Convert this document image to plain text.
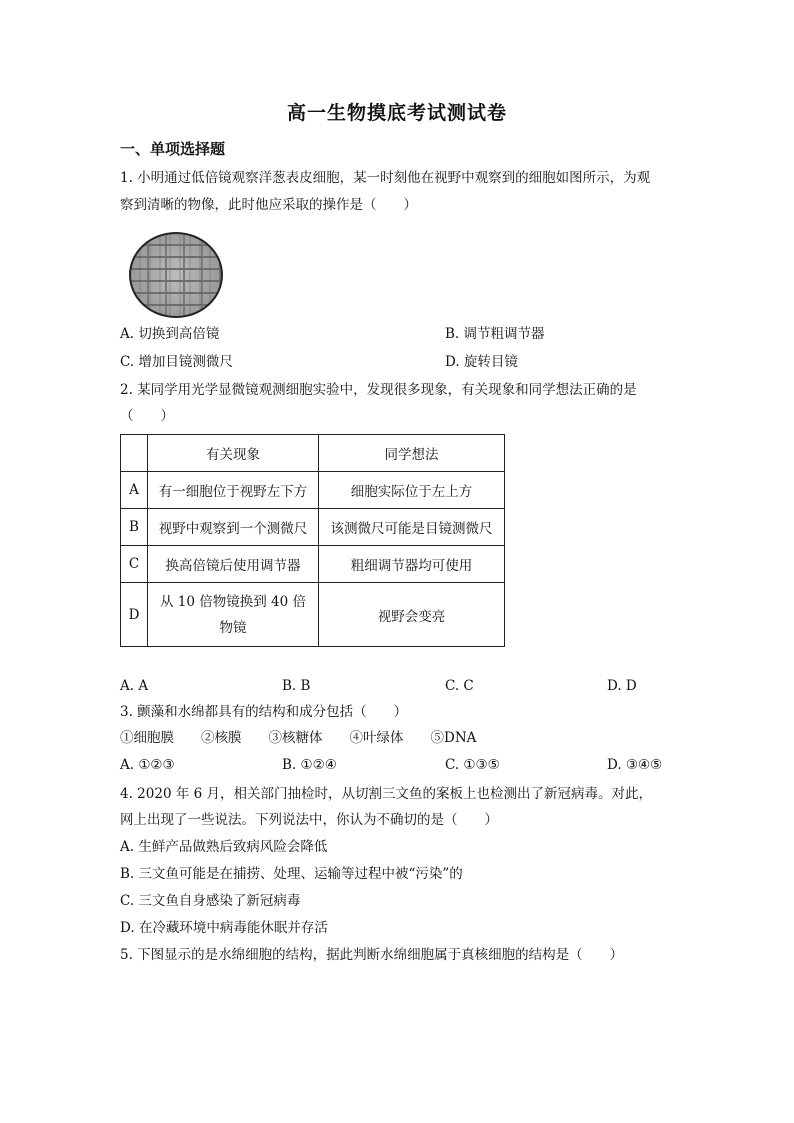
高一生物摸底考试测试卷
一、单项选择题
1. 小明通过低倍镜观察洋葱表皮细胞，某一时刻他在视野中观察到的细胞如图所示，为观
察到清晰的物像，此时他应采取的操作是（　　）
A. 切换到高倍镜	B. 调节粗调节器
C. 增加目镜测微尺	D. 旋转目镜
2. 某同学用光学显微镜观测细胞实验中，发现很多现象，有关现象和同学想法正确的是
（　　）
	有关现象	同学想法
A	有一细胞位于视野左下方	细胞实际位于左上方
B	视野中观察到一个测微尺	该测微尺可能是目镜测微尺
C	换高倍镜后使用调节器	粗细调节器均可使用
D	从 10 倍物镜换到 40 倍物镜	视野会变亮
A. A	B. B	C. C	D. D
3. 颤藻和水绵都具有的结构和成分包括（　　）
①细胞膜　　②核膜　　③核糖体　　④叶绿体　　⑤DNA
A. ①②③	B. ①②④	C. ①③⑤	D. ③④⑤
4. 2020 年 6 月，相关部门抽检时，从切割三文鱼的案板上也检测出了新冠病毒。对此，
网上出现了一些说法。下列说法中，你认为不确切的是（　　）
A. 生鲜产品做熟后致病风险会降低
B. 三文鱼可能是在捕捞、处理、运输等过程中被“污染”的
C. 三文鱼自身感染了新冠病毒
D. 在冷藏环境中病毒能休眠并存活
5. 下图显示的是水绵细胞的结构，据此判断水绵细胞属于真核细胞的结构是（　　）
